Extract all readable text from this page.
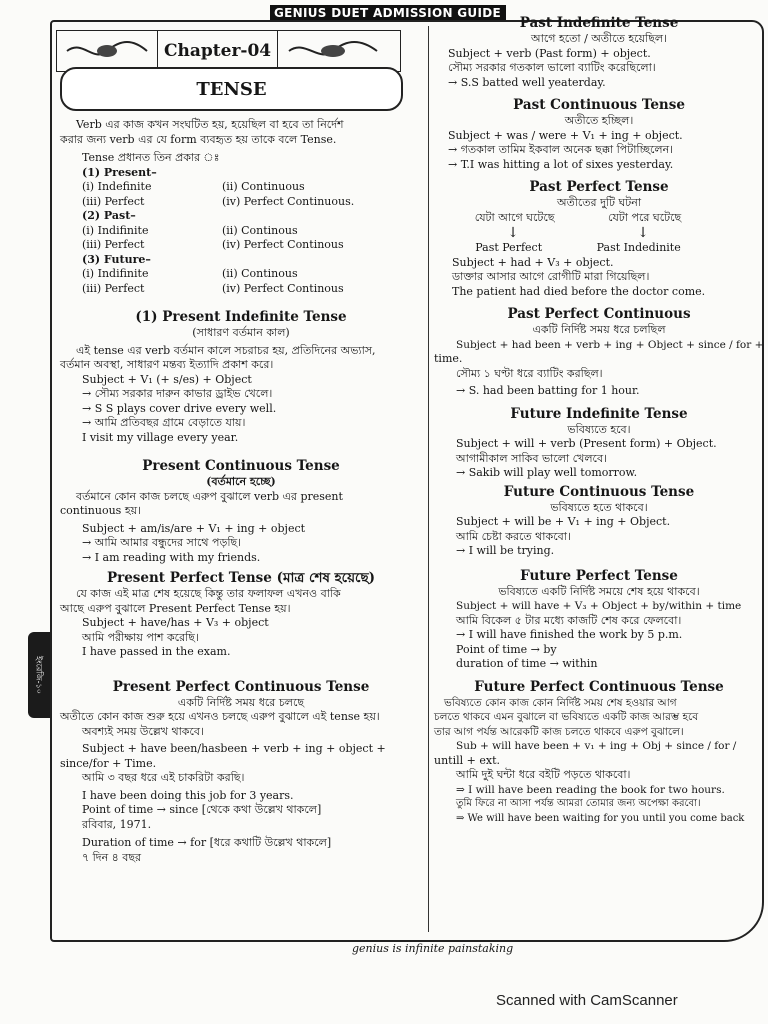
GENIUS DUET ADMISSION GUIDE
Chapter-04
TENSE

Verb এর কাজ কখন সংঘটিত হয়, হয়েছিল বা হবে তা নির্দেশ

করার জন্য verb এর যে form ব্যবহৃত হয় তাকে বলে Tense.

Tense প্রধানত তিন প্রকার ঃ

(1) Present–

(i) Indefinite	(ii) Continuous
(iii) Perfect	(iv) Perfect Continuous.

(2) Past–

(i) Indifinite	(ii) Continous
(iii) Perfect	(iv) Perfect Continous

(3) Future–

(i) Indifinite	(ii) Continous
(iii) Perfect	(iv) Perfect Continous

(1) Present Indefinite Tense

(সাধারণ বর্তমান কাল)

এই tense এর verb বর্তমান কালে সচরাচর হয়, প্রতিদিনের অভ্যাস,

বর্তমান অবস্থা, সাধারণ মন্তব্য ইত্যাদি প্রকাশ করে।

Subject + V₁ (+ s/es) + Object

→ সৌম্য সরকার দারুন কাভার ড্রাইভ খেলে।

→ S S plays cover drive every well.

→ আমি প্রতিবছর গ্রামে বেড়াতে যায়।

I visit my village every year.

Present Continuous Tense

(বর্তমানে হচ্ছে)

বর্তমানে কোন কাজ চলছে এরুপ বুঝালে verb এর present

continuous হয়।

Subject + am/is/are + V₁ + ing + object

→ আমি আমার বন্ধুদের সাথে পড়ছি।

→ I am reading with my friends.

Present Perfect Tense (মাত্র শেষ হয়েছে)

যে কাজ এই মাত্র শেষ হয়েছে কিন্তু তার ফলাফল এখনও বাকি

আছে এরুপ বুঝালে Present Perfect Tense হয়।

Subject + have/has + V₃ + object

আমি পরীক্ষায় পাশ করেছি।

I have passed in the exam.

Present Perfect Continuous Tense

একটি নির্দিষ্ট সময় ধরে চলছে

অতীতে কোন কাজ শুরু হয়ে এখনও চলছে এরুপ বুঝালে এই tense হয়।

অবশ্যই সময় উল্লেখ থাকবে।

Subject + have been/hasbeen + verb + ing + object +

since/for + Time.

আমি ৩ বছর ধরে এই চাকরিটা করছি।

I have been doing this job for 3 years.

Point of time → since [থেকে কথা উল্লেখ থাকলে]

রবিবার, 1971.

Duration of time → for [ধরে কথাটি উল্লেখ থাকলে]

৭ দিন ৪ বছর

Past Indefinite Tense

আগে হতো / অতীতে হয়েছিল।

Subject + verb (Past form) + object.

সৌম্য সরকার গতকাল ভালো ব্যাটিং করেছিলো।

→ S.S batted well yeaterday.

Past Continuous Tense

অতীতে হচ্ছিল।

Subject + was / were + V₁ + ing + object.

→ গতকাল তামিম ইকবাল অনেক ছক্কা পিটাচ্ছিলেন।

→ T.I was hitting a lot of sixes yesterday.

Past Perfect Tense

অতীতের দুটি ঘটনা

যেটা আগে ঘটেছে	যেটা পরে ঘটেছে
↓	↓
Past Perfect	Past Indedinite

Subject + had + V₃ + object.

ডাক্তার আসার আগে রোগীটি মারা গিয়েছিল।

The patient had died before the doctor come.

Past Perfect Continuous

একটি নির্দিষ্ট সময় ধরে চলছিল

Subject + had been + verb + ing + Object + since / for +

time.

সৌম্য ১ ঘণ্টা ধরে ব্যাটিং করছিল।

→ S. had been batting for 1 hour.

Future Indefinite Tense

ভবিষ্যতে হবে।

Subject + will + verb (Present form) + Object.

আগামীকাল সাকিব ভালো খেলবে।

→ Sakib will play well tomorrow.

Future Continuous Tense

ভবিষ্যতে হতে থাকবে।

Subject + will be + V₁ + ing + Object.

আমি চেষ্টা করতে থাকবো।

→ I will be trying.

Future Perfect Tense

ভবিষ্যতে একটি নির্দিষ্ট সময়ে শেষ হয়ে থাকবে।

Subject + will have + V₃ + Object + by/within + time

আমি বিকেল ৫ টার মধ্যে কাজটি শেষ করে ফেলবো।

→ I will have finished the work by 5 p.m.

Point of time → by

duration of time → within

Future Perfect Continuous Tense

ভবিষ্যতে কোন কাজ কোন নির্দিষ্ট সময় শেষ হওয়ার আগ

চলতে থাকবে এমন বুঝালে বা ভবিষ্যতে একটি কাজ আরম্ভ হবে

তার আগ পর্যন্ত আরেকটি কাজ চলতে থাকবে এরুপ বুঝালে।

Sub + will have been + v₁ + ing + Obj + since / for /

untill + ext.

আমি দুই ঘন্টা ধরে বইটি পড়তে থাকবো।

⇒ I will have been reading the book for two hours.

তুমি ফিরে না আসা পর্যন্ত আমরা তোমার জন্য অপেক্ষা করবো।

⇒ We will have been waiting for you until you come back

ইংরেজি-১০
genius is infinite painstaking
Scanned with CamScanner
